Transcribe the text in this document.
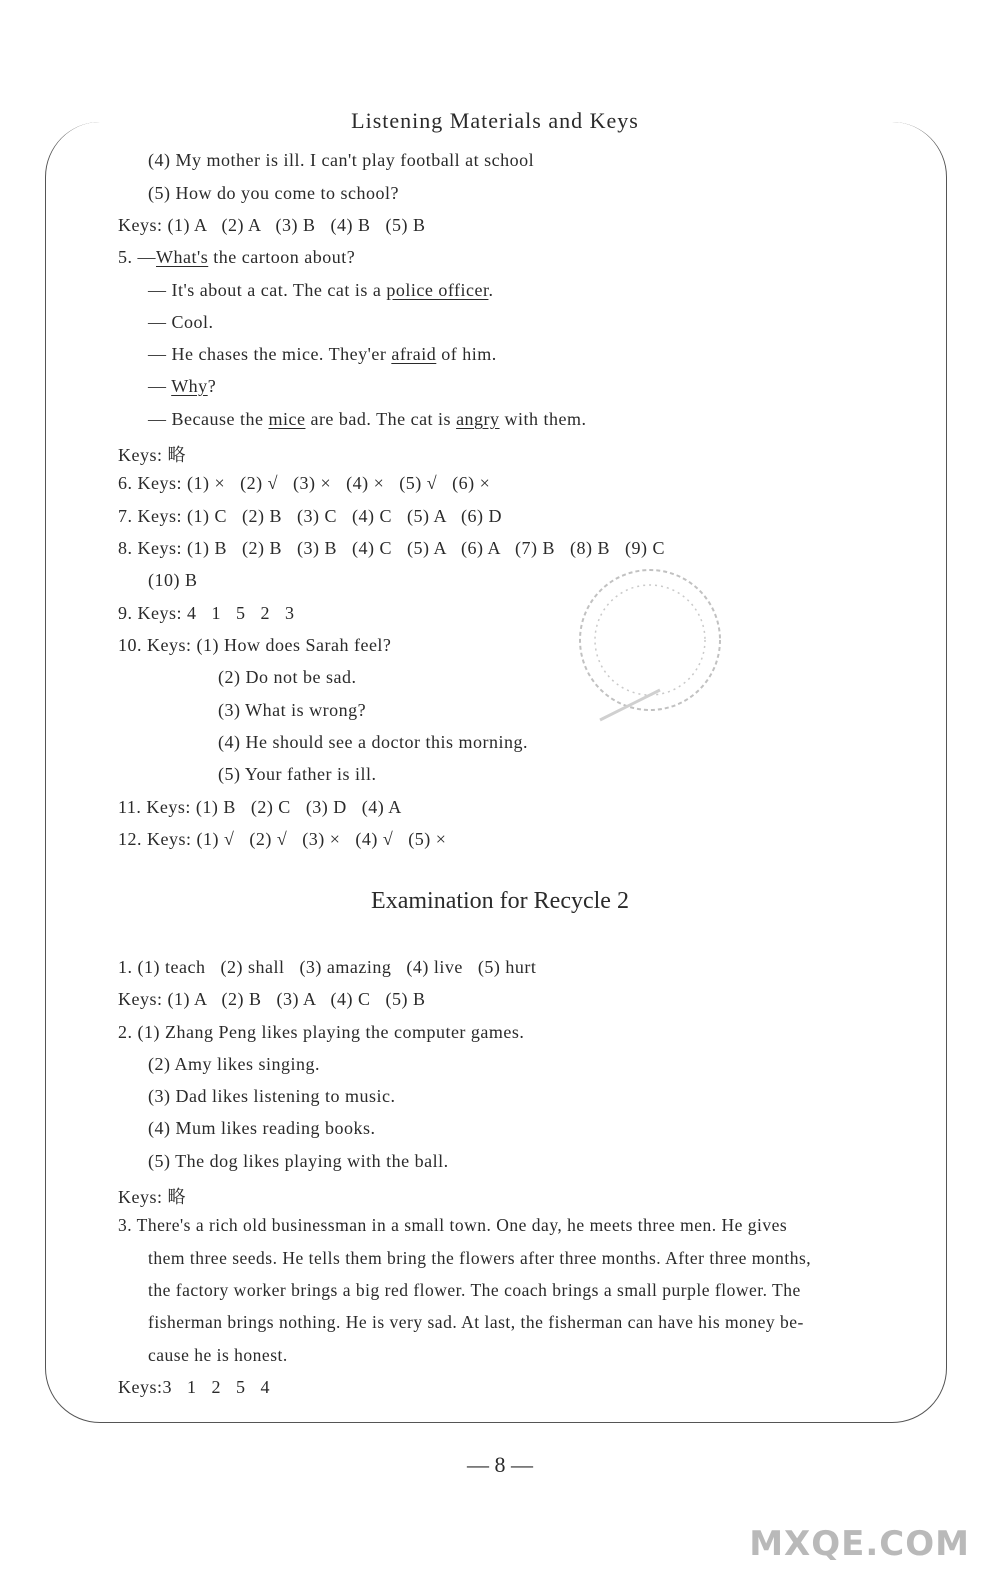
Listening Materials and Keys
(4) My mother is ill. I can't play football at school
(5) How do you come to school?
Keys: (1) A   (2) A   (3) B   (4) B   (5) B
5. —What's the cartoon about?
— It's about a cat. The cat is a police officer.
— Cool.
— He chases the mice. They'er afraid of him.
— Why?
— Because the mice are bad. The cat is angry with them.
Keys: 略
6. Keys: (1) ×   (2) √   (3) ×   (4) ×   (5) √   (6) ×
7. Keys: (1) C   (2) B   (3) C   (4) C   (5) A   (6) D
8. Keys: (1) B   (2) B   (3) B   (4) C   (5) A   (6) A   (7) B   (8) B   (9) C
(10) B
9. Keys: 4   1   5   2   3
10. Keys: (1) How does Sarah feel?
(2) Do not be sad.
(3) What is wrong?
(4) He should see a doctor this morning.
(5) Your father is ill.
11. Keys: (1) B   (2) C   (3) D   (4) A
12. Keys: (1) √   (2) √   (3) ×   (4) √   (5) ×
Examination for Recycle 2
1. (1) teach   (2) shall   (3) amazing   (4) live   (5) hurt
Keys: (1) A   (2) B   (3) A   (4) C   (5) B
2. (1) Zhang Peng likes playing the computer games.
(2) Amy likes singing.
(3) Dad likes listening to music.
(4) Mum likes reading books.
(5) The dog likes playing with the ball.
Keys: 略
3. There's a rich old businessman in a small town. One day, he meets three men. He gives
them three seeds. He tells them bring the flowers after three months. After three months,
the factory worker brings a big red flower. The coach brings a small purple flower. The
fisherman brings nothing. He is very sad. At last, the fisherman can have his money be-
cause he is honest.
Keys:3   1   2   5   4
— 8 —
MXQE.COM
